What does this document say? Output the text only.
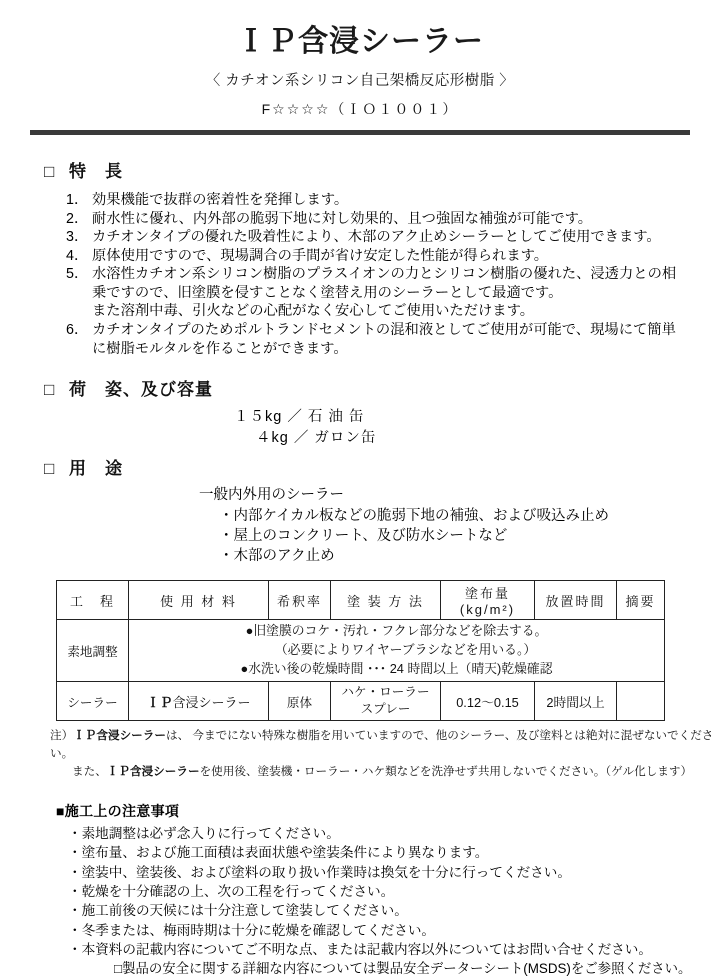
ＩＰ含浸シーラー
〈 カチオン系シリコン自己架橋反応形樹脂 〉
F☆☆☆☆（ＩＯ１００１）
□ 特　長
1． 効果機能で抜群の密着性を発揮します。

2． 耐水性に優れ、内外部の脆弱下地に対し効果的、且つ強固な補強が可能です。

3． カチオンタイプの優れた吸着性により、木部のアク止めシーラーとしてご使用できます。

4． 原体使用ですので、現場調合の手間が省け安定した性能が得られます。

5． 水溶性カチオン系シリコン樹脂のプラスイオンの力とシリコン樹脂の優れた、浸透力との相

乗ですので、旧塗膜を侵すことなく塗替え用のシーラーとして最適です。

また溶剤中毒、引火などの心配がなく安心してご使用いただけます。

6． カチオンタイプのためポルトランドセメントの混和液としてご使用が可能で、現場にて簡単

に樹脂モルタルを作ることができます。

□ 荷　姿、及び容量
１５kg ／ 石 油 缶
４kg ／ ガロン缶
□ 用　途
一般内外用のシーラー
・内部ケイカル板などの脆弱下地の補強、および吸込み止め
・屋上のコンクリート、及び防水シートなど
・木部のアク止め
工　程	使 用 材 料	希釈率	塗 装 方 法	塗布量(kg/m²)	放置時間	摘要
素地調整	●旧塗膜のコケ・汚れ・フクレ部分などを除去する。
（必要によりワイヤーブラシなどを用いる。）
●水洗い後の乾燥時間 ･･･ 24 時間以上（晴天)乾燥確認					

シーラー	ＩＰ含浸シーラー	原体	ハケ・ローラー
スプレー	0.12～0.15	2時間以上	
注）ＩＰ含浸シーラーは、 今までにない特殊な樹脂を用いていますので、他のシーラー、及び塗料とは絶対に混ぜないでください。
また、ＩＰ含浸シーラーを使用後、塗装機・ローラー・ハケ類などを洗浄せず共用しないでください。（ゲル化します）
■施工上の注意事項
・素地調整は必ず念入りに行ってください。
・塗布量、および施工面積は表面状態や塗装条件により異なります。
・塗装中、塗装後、および塗料の取り扱い作業時は換気を十分に行ってください。
・乾燥を十分確認の上、次の工程を行ってください。
・施工前後の天候には十分注意して塗装してください。
・冬季または、梅雨時期は十分に乾燥を確認してください。
・本資料の記載内容についてご不明な点、または記載内容以外についてはお問い合せください。
□製品の安全に関する詳細な内容については製品安全データーシート(MSDS)をご参照ください。
